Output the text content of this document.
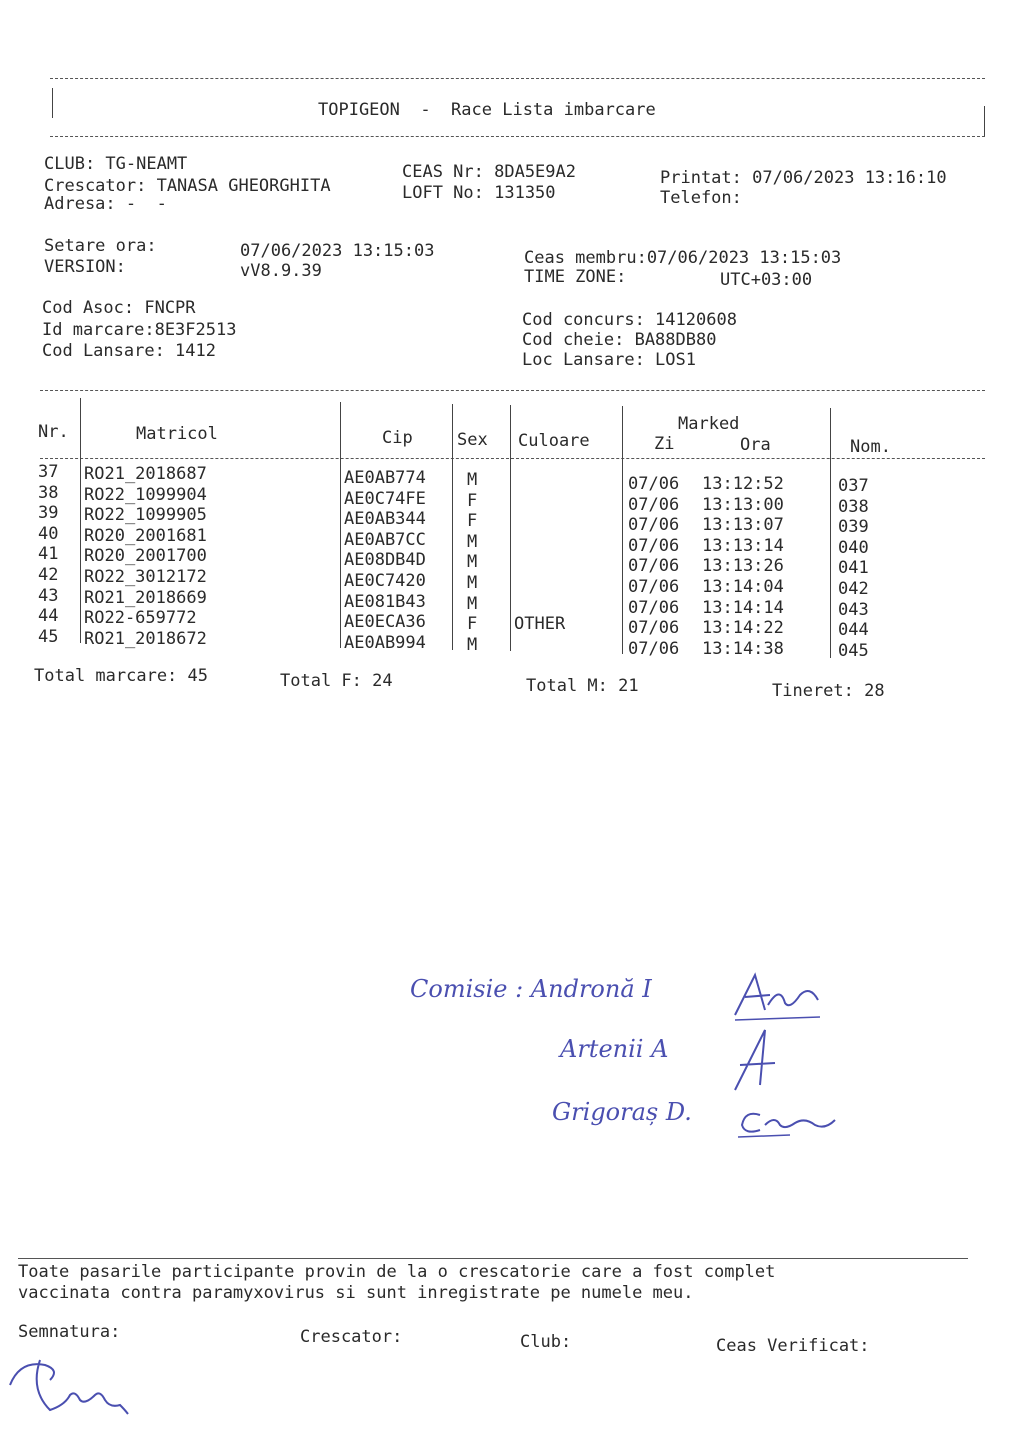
TOPIGEON  -  Race Lista imbarcare
CLUB: TG-NEAMT
Crescator: TANASA GHEORGHITA
Adresa: -  -
CEAS Nr: 8DA5E9A2
LOFT No: 131350
Printat: 07/06/2023 13:16:10
Telefon:
Setare ora:	07/06/2023 13:15:03
VERSION:	vV8.9.39
Ceas membru:07/06/2023 13:15:03
TIME ZONE:	UTC+03:00
Cod Asoc: FNCPR
Id marcare:8E3F2513
Cod Lansare: 1412
Cod concurs: 14120608
Cod cheie: BA88DB80
Loc Lansare: LOS1
Nr.	Matricol	Cip	Sex Culoare
Marked
Zi	Ora	Nom.
37 RO21_2018687	AE0AB774 M	07/06 13:12:52	037
38 RO22_1099904	AE0C74FE F	07/06 13:13:00	038
39 RO22_1099905	AE0AB344 F	07/06 13:13:07	039
40 RO20_2001681	AE0AB7CC M	07/06 13:13:14	040
41 RO20_2001700	AE08DB4D M	07/06 13:13:26	041
42 RO22_3012172	AE0C7420 M	07/06 13:14:04	042
43 RO21_2018669	AE081B43 M	07/06 13:14:14	043
44 RO22-659772	AE0ECA36 F OTHER	07/06 13:14:22	044
45 RO21_2018672	AE0AB994 M	07/06 13:14:38	045
Total marcare: 45	Total F: 24	Total M: 21	Tineret: 28
Comisie : Andronă I
Artenii A
Grigoraș D.
Toate pasarile participante provin de la o crescatorie care a fost complet
vaccinata contra paramyxovirus si sunt inregistrate pe numele meu.
Semnatura:	Crescator:	Club:	Ceas Verificat:
